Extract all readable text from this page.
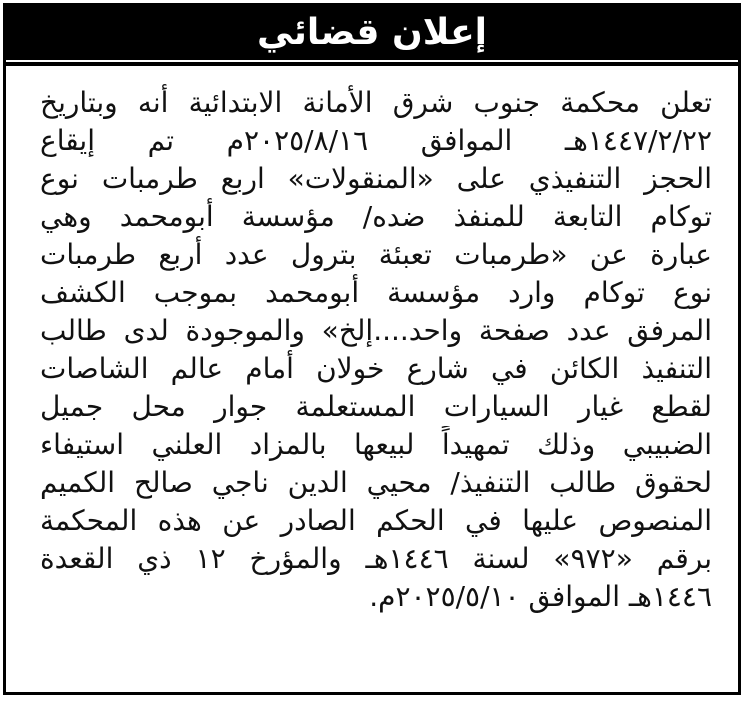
إعلان قضائي
تعلن محكمة جنوب شرق الأمانة الابتدائية أنه وبتاريخ
١٤٤٧/٢/٢٢هـ الموافق ٢٠٢٥/٨/١٦م تم إيقاع
الحجز التنفيذي على «المنقولات» اربع طرمبات نوع
توكام التابعة للمنفذ ضده/ مؤسسة أبومحمد وهي
عبارة عن «طرمبات تعبئة بترول عدد أربع طرمبات
نوع توكام وارد مؤسسة أبومحمد بموجب الكشف
المرفق عدد صفحة واحد....إلخ» والموجودة لدى طالب
التنفيذ الكائن في شارع خولان أمام عالم الشاصات
لقطع غيار السيارات المستعلمة جوار محل جميل
الضبيبي وذلك تمهيداً لبيعها بالمزاد العلني استيفاء
لحقوق طالب التنفيذ/ محيي الدين ناجي صالح الكميم
المنصوص عليها في الحكم الصادر عن هذه المحكمة
برقم «٩٧٢» لسنة ١٤٤٦هـ والمؤرخ ١٢ ذي القعدة
١٤٤٦هـ الموافق ٢٠٢٥/٥/١٠م.
